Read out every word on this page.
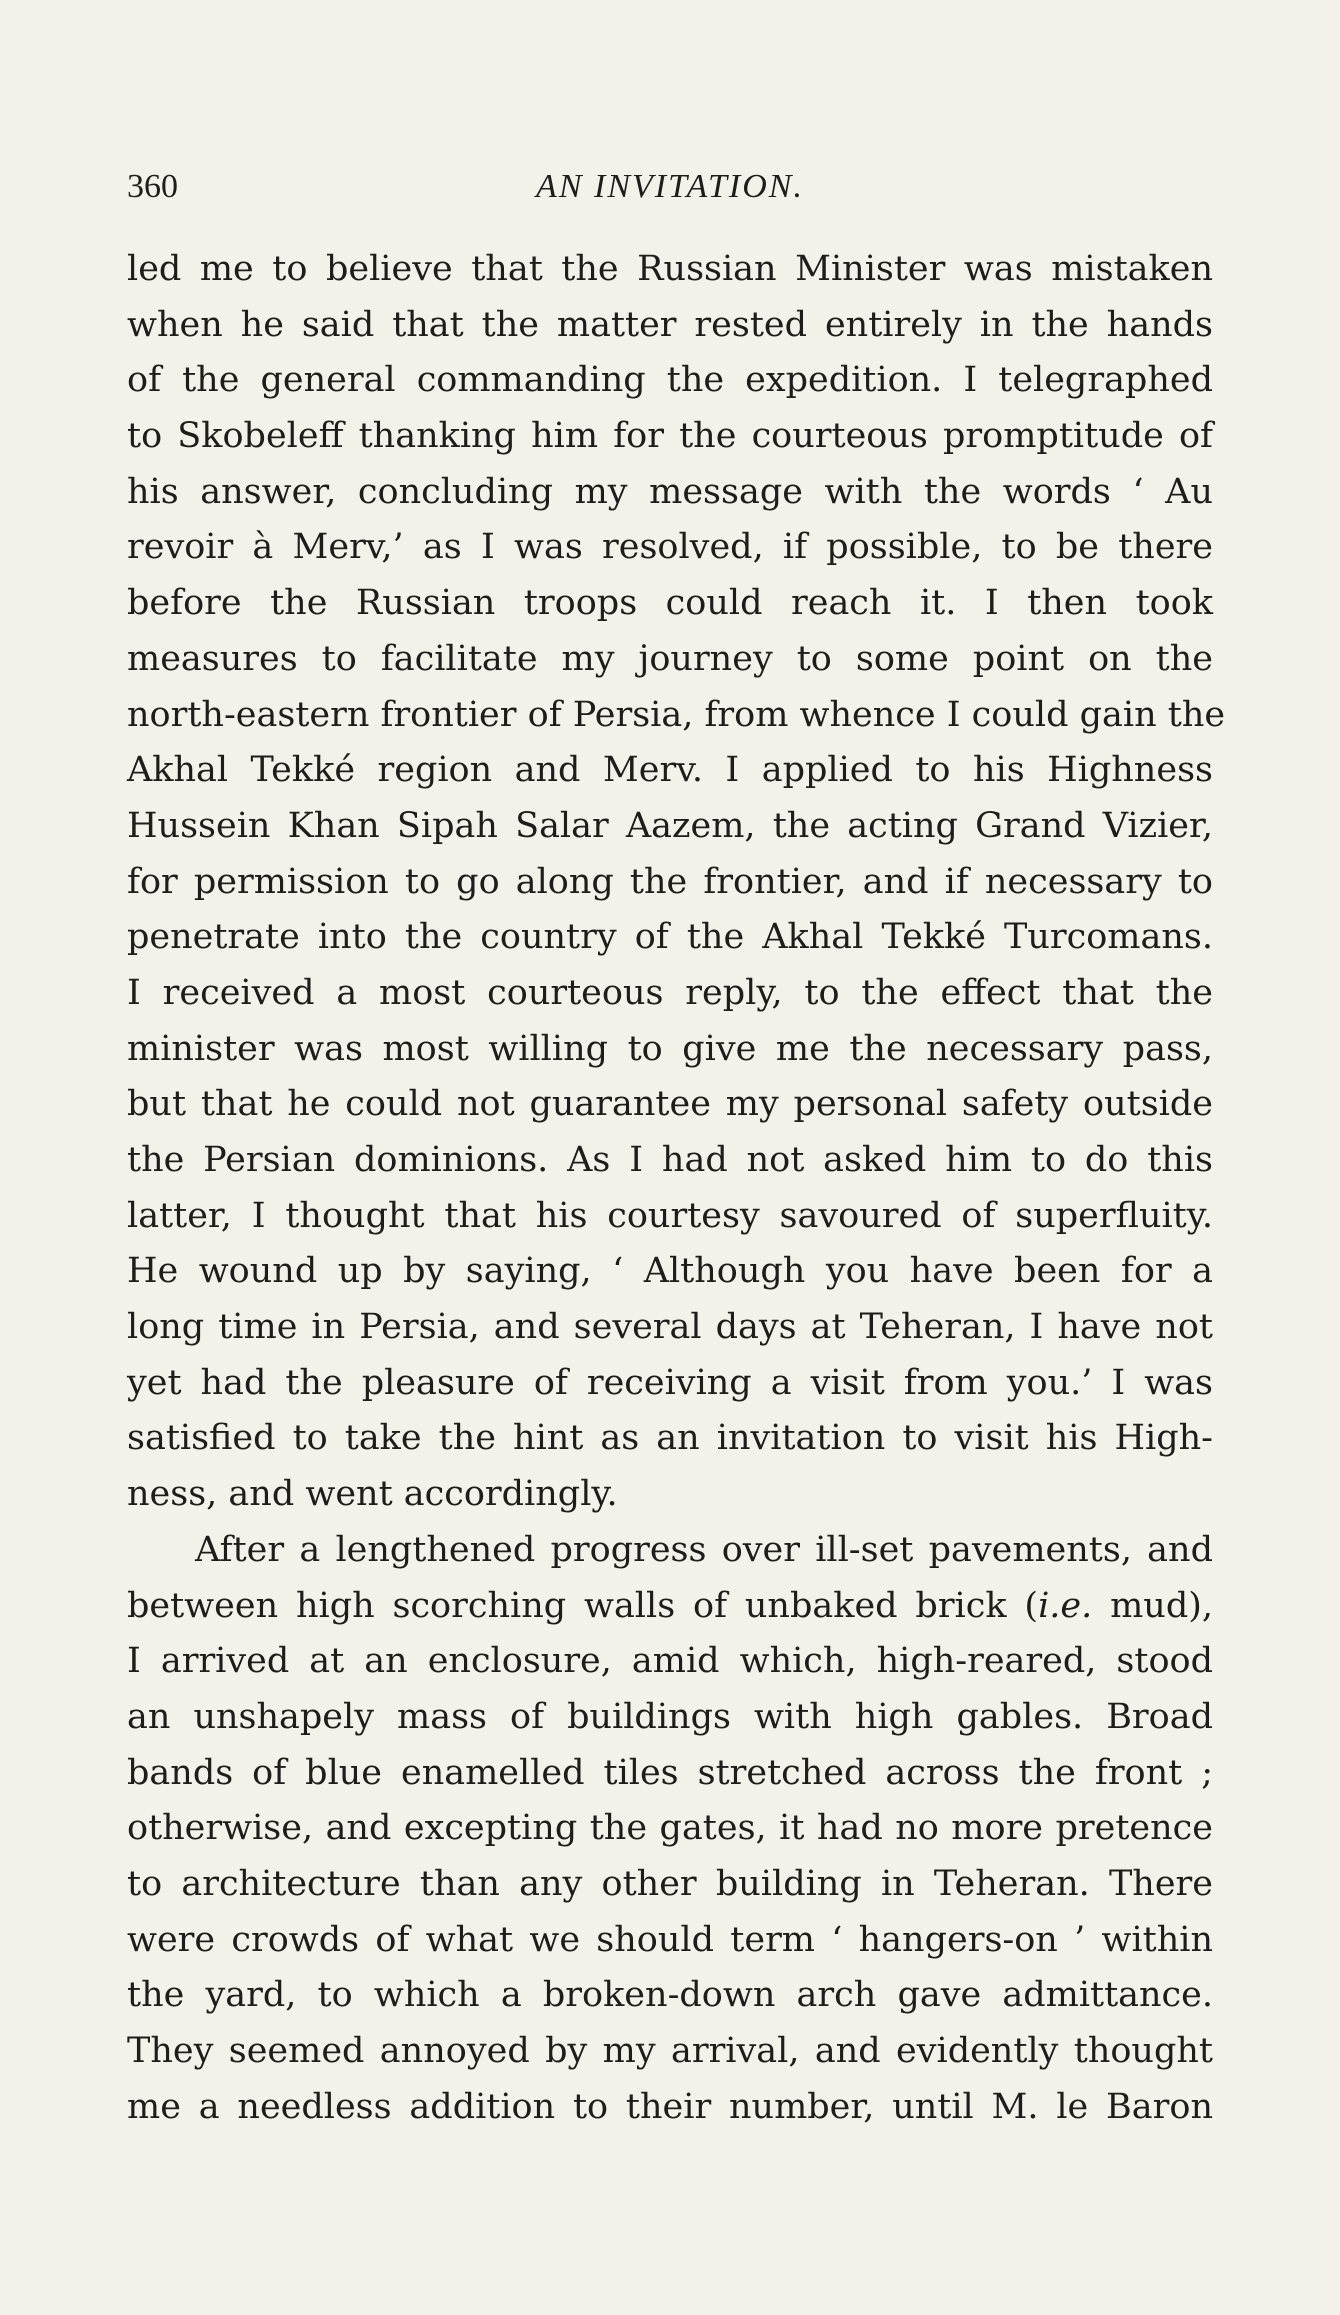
360	AN INVITATION.
led me to believe that the Russian Minister was mistaken
when he said that the matter rested entirely in the hands
of the general commanding the expedition. I telegraphed
to Skobeleff thanking him for the courteous promptitude of
his answer, concluding my message with the words ‘ Au
revoir à Merv,’ as I was resolved, if possible, to be there
before the Russian troops could reach it. I then took
measures to facilitate my journey to some point on the
north-eastern frontier of Persia, from whence I could gain the
Akhal Tekké region and Merv. I applied to his Highness
Hussein Khan Sipah Salar Aazem, the acting Grand Vizier,
for permission to go along the frontier, and if necessary to
penetrate into the country of the Akhal Tekké Turcomans.
I received a most courteous reply, to the effect that the
minister was most willing to give me the necessary pass,
but that he could not guarantee my personal safety outside
the Persian dominions. As I had not asked him to do this
latter, I thought that his courtesy savoured of superfluity.
He wound up by saying, ‘ Although you have been for a
long time in Persia, and several days at Teheran, I have not
yet had the pleasure of receiving a visit from you.’ I was
satisfied to take the hint as an invitation to visit his High-
ness, and went accordingly.
After a lengthened progress over ill-set pavements, and
between high scorching walls of unbaked brick (i.e. mud),
I arrived at an enclosure, amid which, high-reared, stood
an unshapely mass of buildings with high gables. Broad
bands of blue enamelled tiles stretched across the front ;
otherwise, and excepting the gates, it had no more pretence
to architecture than any other building in Teheran. There
were crowds of what we should term ‘ hangers-on ’ within
the yard, to which a broken-down arch gave admittance.
They seemed annoyed by my arrival, and evidently thought
me a needless addition to their number, until M. le Baron
